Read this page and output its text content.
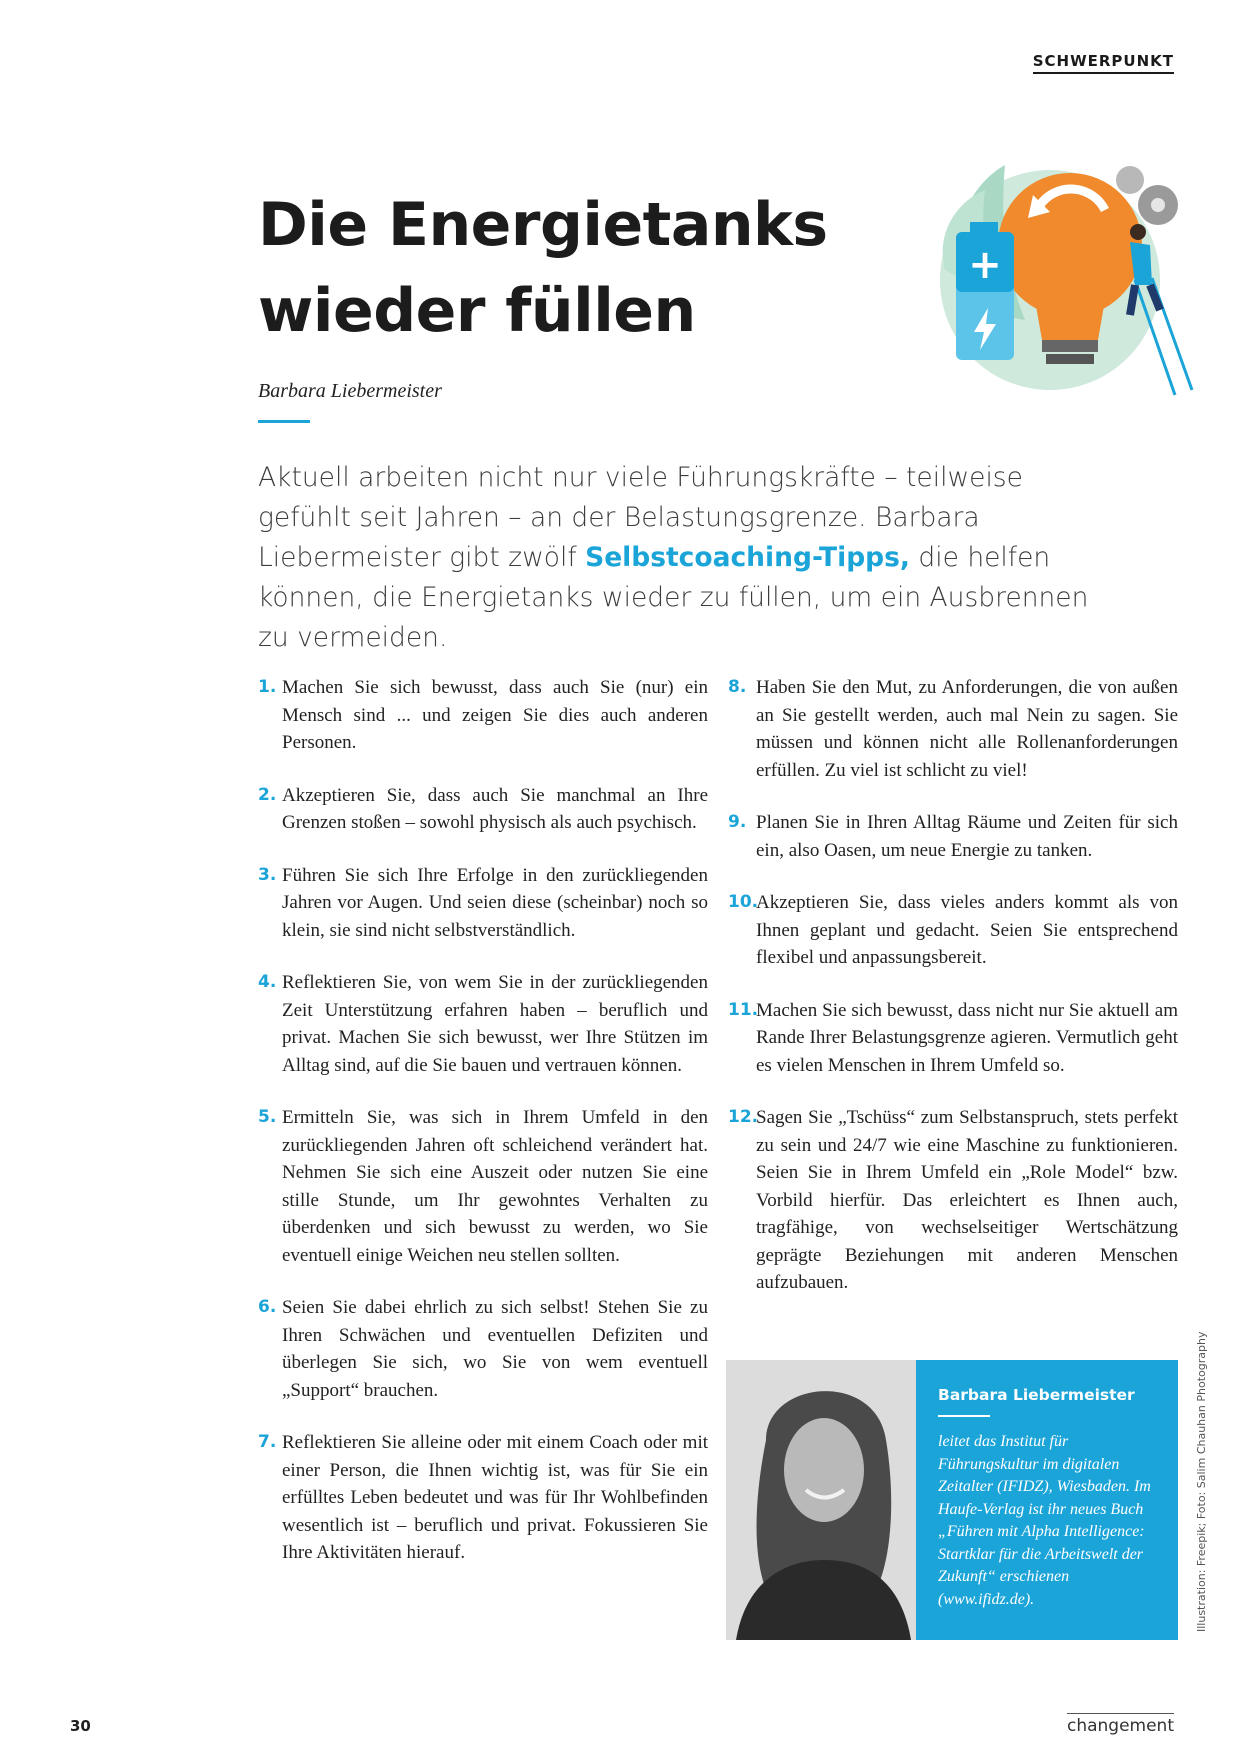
SCHWERPUNKT
Die Energietanks
wieder füllen
+
Barbara Liebermeister

Aktuell arbeiten nicht nur viele Führungskräfte – teilweise gefühlt seit Jahren – an der Belastungsgrenze. Barbara Liebermeister gibt zwölf Selbstcoaching-Tipps, die helfen können, die Energietanks wieder zu füllen, um ein Ausbrennen zu vermeiden.

1. Machen Sie sich bewusst, dass auch Sie (nur) ein Mensch sind ... und zeigen Sie dies auch anderen Personen.

2. Akzeptieren Sie, dass auch Sie manchmal an Ihre Grenzen stoßen – sowohl physisch als auch psychisch.

3. Führen Sie sich Ihre Erfolge in den zurückliegenden Jahren vor Augen. Und seien diese (scheinbar) noch so klein, sie sind nicht selbstverständlich.

4. Reflektieren Sie, von wem Sie in der zurückliegenden Zeit Unterstützung erfahren haben – beruflich und privat. Machen Sie sich bewusst, wer Ihre Stützen im Alltag sind, auf die Sie bauen und vertrauen können.

5. Ermitteln Sie, was sich in Ihrem Umfeld in den zurückliegenden Jahren oft schleichend verändert hat. Nehmen Sie sich eine Auszeit oder nutzen Sie eine stille Stunde, um Ihr gewohntes Verhalten zu überdenken und sich bewusst zu werden, wo Sie eventuell einige Weichen neu stellen sollten.

6. Seien Sie dabei ehrlich zu sich selbst! Stehen Sie zu Ihren Schwächen und eventuellen Defiziten und überlegen Sie sich, wo Sie von wem eventuell „Support“ brauchen.

7. Reflektieren Sie alleine oder mit einem Coach oder mit einer Person, die Ihnen wichtig ist, was für Sie ein erfülltes Leben bedeutet und was für Ihr Wohlbefinden wesentlich ist – beruflich und privat. Fokussieren Sie Ihre Aktivitäten hierauf.

8. Haben Sie den Mut, zu Anforderungen, die von außen an Sie gestellt werden, auch mal Nein zu sagen. Sie müssen und können nicht alle Rollenanforderungen erfüllen. Zu viel ist schlicht zu viel!

9. Planen Sie in Ihren Alltag Räume und Zeiten für sich ein, also Oasen, um neue Energie zu tanken.

10.
Akzeptieren Sie, dass vieles anders kommt als von Ihnen geplant und gedacht. Seien Sie entsprechend flexibel und anpassungsbereit.

11.
Machen Sie sich bewusst, dass nicht nur Sie aktuell am Rande Ihrer Belastungsgrenze agieren. Vermutlich geht es vielen Menschen in Ihrem Umfeld so.

12.
Sagen Sie „Tschüss“ zum Selbstanspruch, stets perfekt zu sein und 24/7 wie eine Maschine zu funktionieren. Seien Sie in Ihrem Umfeld ein „Role Model“ bzw. Vorbild hierfür. Das erleichtert es Ihnen auch, tragfähige, von wechselseitiger Wertschätzung geprägte Beziehungen mit anderen Menschen aufzubauen.

Barbara Liebermeister
leitet das Institut für Führungskultur im digitalen Zeitalter (IFIDZ), Wiesbaden. Im Haufe-Verlag ist ihr neues Buch „Führen mit Alpha Intelligence: Startklar für die Arbeitswelt der Zukunft“ erschienen (www.ifidz.de).	Illustration: Freepik; Foto: Salim Chauhan Photography
30	changement
